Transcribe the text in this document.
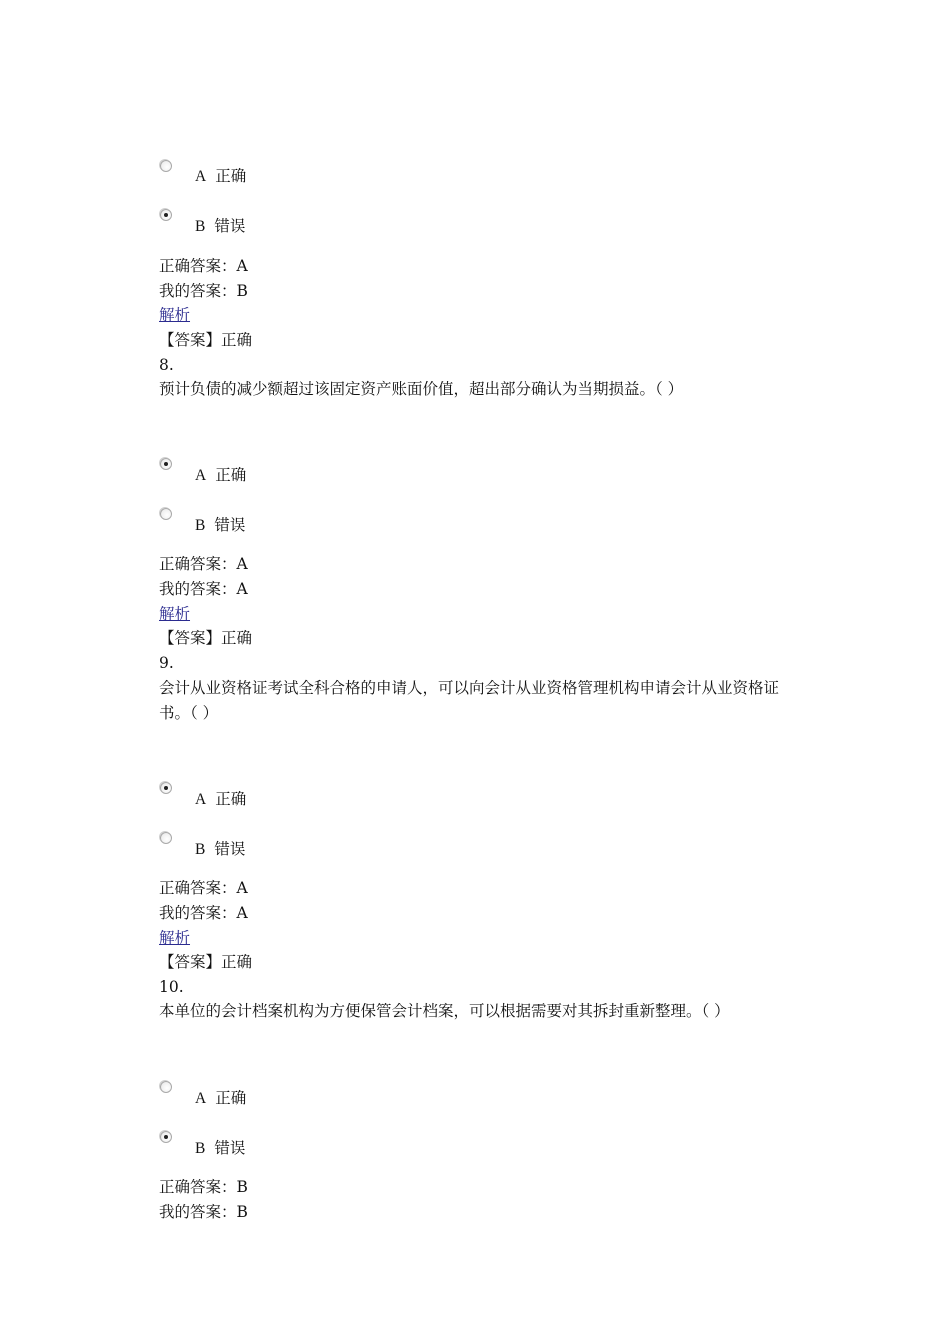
A 正确
B 错误
正确答案：A
我的答案：B
解析
【答案】正确
8.
预计负债的减少额超过该固定资产账面价值，超出部分确认为当期损益。（ ）
A 正确
B 错误
正确答案：A
我的答案：A
解析
【答案】正确
9.
会计从业资格证考试全科合格的申请人，可以向会计从业资格管理机构申请会计从业资格证书。（ ）
A 正确
B 错误
正确答案：A
我的答案：A
解析
【答案】正确
10.
本单位的会计档案机构为方便保管会计档案，可以根据需要对其拆封重新整理。（ ）
A 正确
B 错误
正确答案：B
我的答案：B
